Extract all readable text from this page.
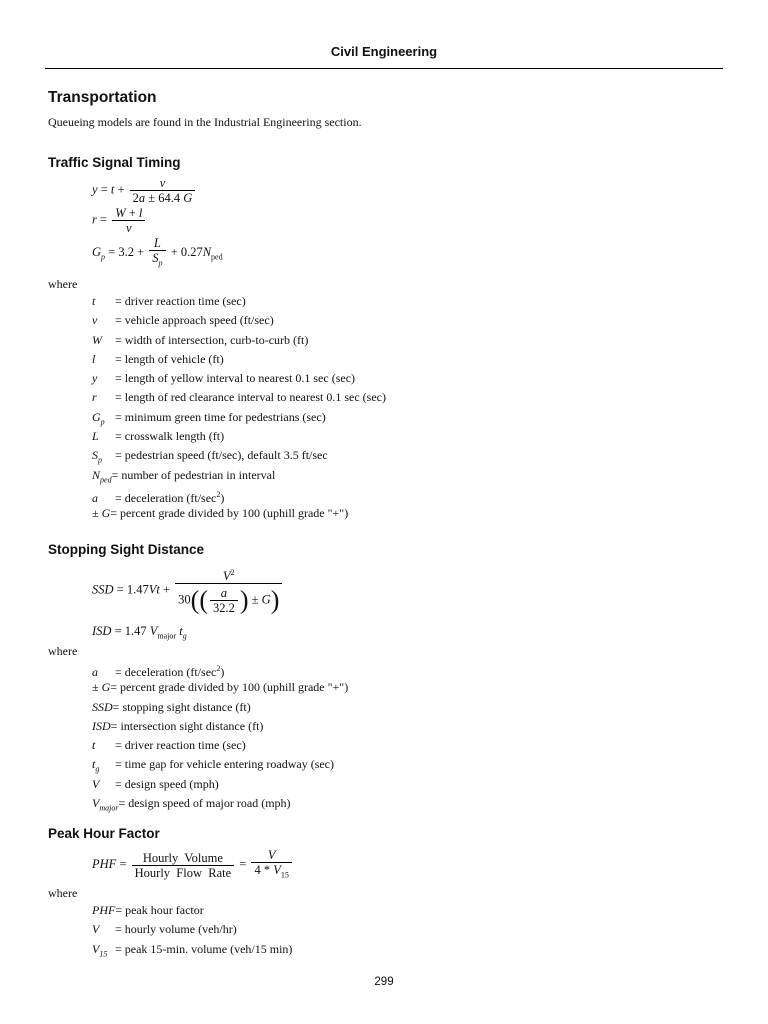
Civil Engineering
Transportation
Queueing models are found in the Industrial Engineering section.
Traffic Signal Timing
$y = t + \frac{v}{2a \pm 64.4 G}$
$r = \frac{W + l}{v}$
$G_p = 3.2 + \frac{L}{S_p} + 0.27N_{ped}$
where
t = driver reaction time (sec)
v = vehicle approach speed (ft/sec)
W = width of intersection, curb-to-curb (ft)
l = length of vehicle (ft)
y = length of yellow interval to nearest 0.1 sec (sec)
r = length of red clearance interval to nearest 0.1 sec (sec)
$G_p$ = minimum green time for pedestrians (sec)
L = crosswalk length (ft)
$S_p$ = pedestrian speed (ft/sec), default 3.5 ft/sec
$N_{ped}=$ number of pedestrian in interval
a = deceleration $(ft/\sec^2)$
± G= percent grade divided by 100 (uphill grade "+")
Stopping Sight Distance
SSD = $1.47Vt + \frac{V^2}{30(( \frac{a}{32.2} ) \pm G)}$
ISD = 1.47 $V_{major}$ $t_g$
where
a = deceleration $(ft/\sec^2)$
± G= percent grade divided by 100 (uphill grade "+")
SSD= stopping sight distance (ft)
ISD= intersection sight distance (ft)
t = driver reaction time (sec)
$t_g$ = time gap for vehicle entering roadway (sec)
V = design speed (mph)
$V_{major}=$ design speed of major road (mph)
Peak Hour Factor
PHF = $\frac{\text{Hourly  Volume}}{\text{Hourly  Flow  Rate}} = \frac{V}{4 * V_{15}}$
where
PHF= peak hour factor
V = hourly volume (veh/hr)
$V_{15}$ = peak 15-min. volume (veh/15 min)
299
